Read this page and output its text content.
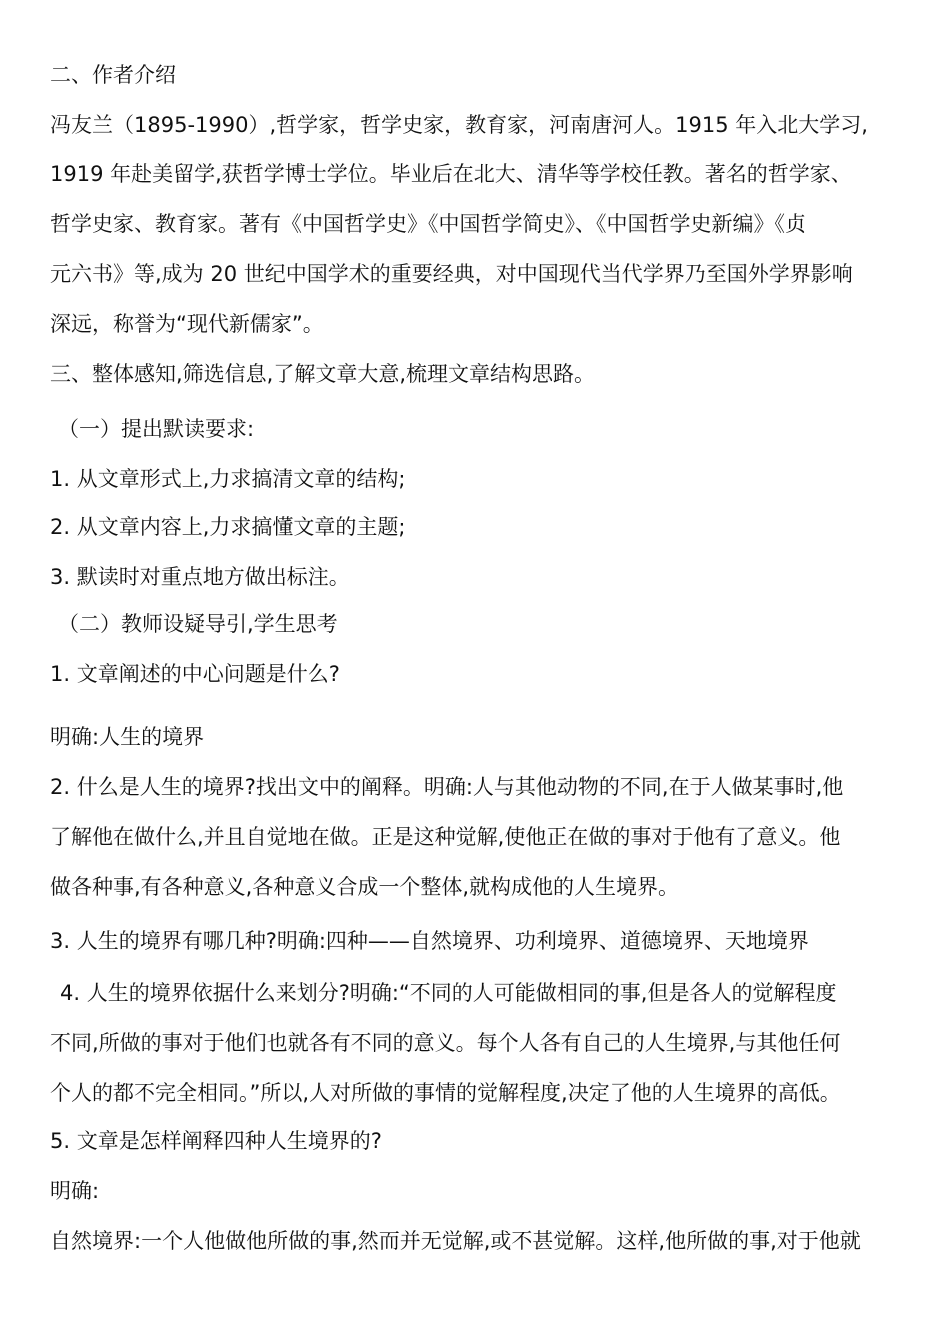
二、作者介绍
冯友兰（1895-1990）,哲学家，哲学史家，教育家，河南唐河人。1915 年入北大学习,
1919 年赴美留学,获哲学博士学位。毕业后在北大、清华等学校任教。著名的哲学家、
哲学史家、教育家。著有《中国哲学史》《中国哲学简史》、《中国哲学史新编》《贞
元六书》等,成为 20 世纪中国学术的重要经典，对中国现代当代学界乃至国外学界影响
深远，称誉为“现代新儒家”。
三、整体感知,筛选信息,了解文章大意,梳理文章结构思路。
（一）提出默读要求:
1. 从文章形式上,力求搞清文章的结构;
2. 从文章内容上,力求搞懂文章的主题;
3. 默读时对重点地方做出标注。
（二）教师设疑导引,学生思考
1. 文章阐述的中心问题是什么?
明确:人生的境界
2. 什么是人生的境界?找出文中的阐释。明确:人与其他动物的不同,在于人做某事时,他
了解他在做什么,并且自觉地在做。正是这种觉解,使他正在做的事对于他有了意义。他
做各种事,有各种意义,各种意义合成一个整体,就构成他的人生境界。
3. 人生的境界有哪几种?明确:四种——自然境界、功利境界、道德境界、天地境界
4. 人生的境界依据什么来划分?明确:“不同的人可能做相同的事,但是各人的觉解程度
不同,所做的事对于他们也就各有不同的意义。每个人各有自己的人生境界,与其他任何
个人的都不完全相同。”所以,人对所做的事情的觉解程度,决定了他的人生境界的高低。
5. 文章是怎样阐释四种人生境界的?
明确:
自然境界:一个人他做他所做的事,然而并无觉解,或不甚觉解。这样,他所做的事,对于他就
